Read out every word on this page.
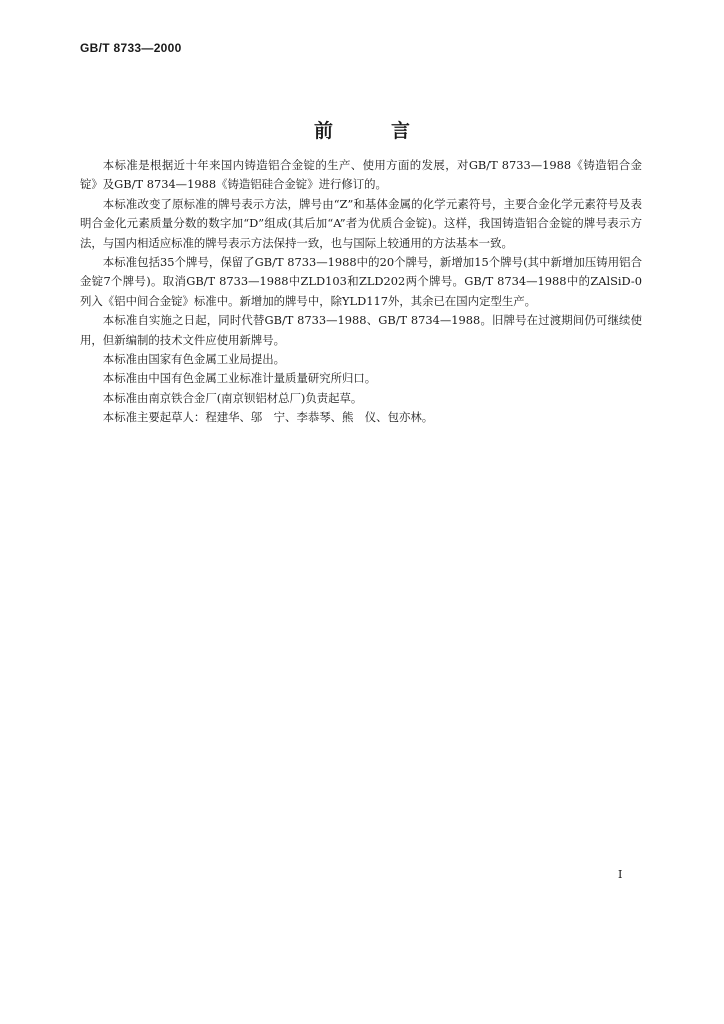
GB/T 8733—2000
前言

本标准是根据近十年来国内铸造铝合金锭的生产、使用方面的发展，对GB/T 8733—1988《铸造铝合金锭》及GB/T 8734—1988《铸造铝硅合金锭》进行修订的。

本标准改变了原标准的牌号表示方法，牌号由“Z”和基体金属的化学元素符号，主要合金化学元素符号及表明合金化元素质量分数的数字加“D”组成(其后加“A”者为优质合金锭)。这样，我国铸造铝合金锭的牌号表示方法，与国内相适应标准的牌号表示方法保持一致，也与国际上较通用的方法基本一致。

本标准包括35个牌号，保留了GB/T 8733—1988中的20个牌号，新增加15个牌号(其中新增加压铸用铝合金锭7个牌号)。取消GB/T 8733—1988中ZLD103和ZLD202两个牌号。GB/T 8734—1988中的ZAlSiD-0列入《铝中间合金锭》标准中。新增加的牌号中，除YLD117外，其余已在国内定型生产。

本标准自实施之日起，同时代替GB/T 8733—1988、GB/T 8734—1988。旧牌号在过渡期间仍可继续使用，但新编制的技术文件应使用新牌号。

本标准由国家有色金属工业局提出。

本标准由中国有色金属工业标准计量质量研究所归口。

本标准由南京铁合金厂(南京钡铝材总厂)负责起草。

本标准主要起草人：程建华、邬　宁、李恭琴、熊　仪、包亦林。

I
